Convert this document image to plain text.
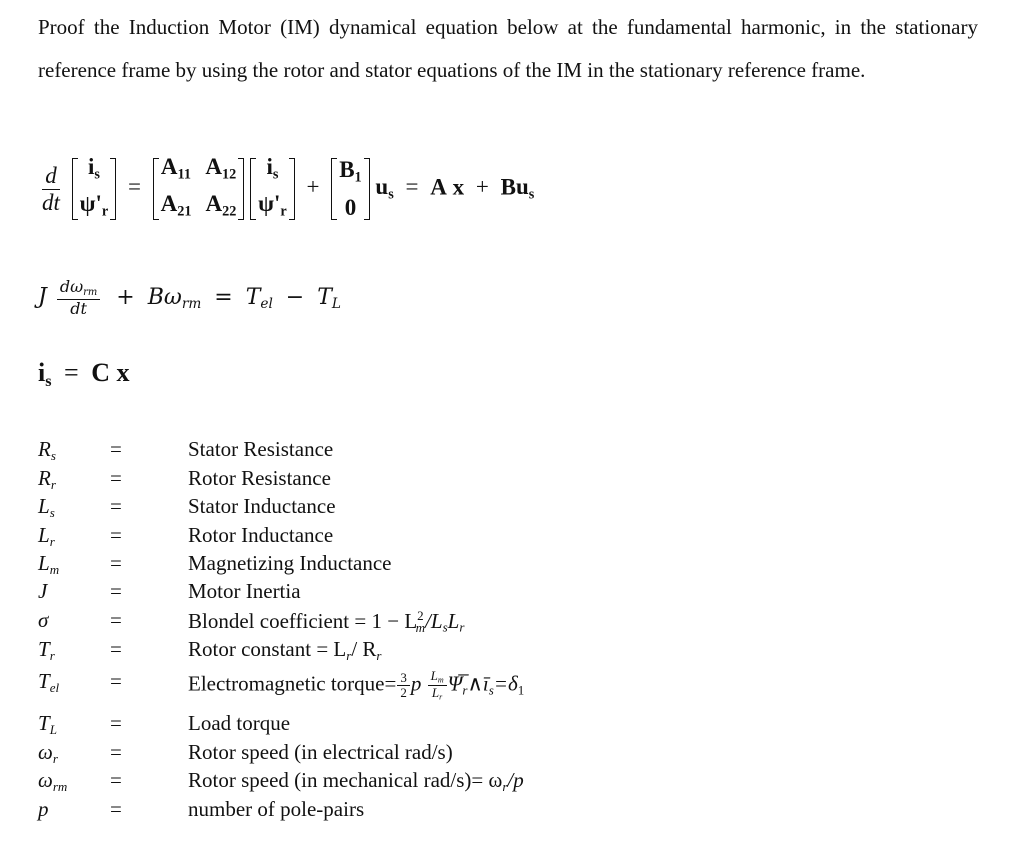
Proof the Induction Motor (IM) dynamical equation below at the fundamental harmonic, in the stationary reference frame by using the rotor and stator equations of the IM in the stationary reference frame.
$\frac{d}{dt}$
$i_s$
$\psi'_r$
=
$A_{11}$ $A_{12}$
$A_{21}$ $A_{22}$

$i_s$
$\psi'_r$
+
$B_1$
0
$u_s = A$ $x + Bu_s$
J $\frac{d\omega_{rm}}{dt} + B\omega_{rm} = T_{el} - T_L$
$i_s = C$ x
$R_s$	=	Stator Resistance
$R_r$	=	Rotor Resistance
$L_s$	=	Stator Inductance
$L_r$	=	Rotor Inductance
$L_m$ =	Magnetizing Inductance
J	=	Motor Inertia
σ	=	Blondel coefficient = $1 - L^2_m/L_sL_r$
$T_r$	=	Rotor constant = $L_r/$ $R_r$
$T_{el}$ =	Electromagnetic torque= $\frac{3}{2}$ p $\frac{L_m}{L_r}$ $\Psi̅_r\wedge ī_s=\delta_1$
$T_L$	=	Load torque
$\omega_r$ =	Rotor speed (in electrical rad/s)
$\omega_{rm}$ =	Rotor speed (in mechanical $rad/s)= \omega_r/p$
p	=	number of pole-pairs
